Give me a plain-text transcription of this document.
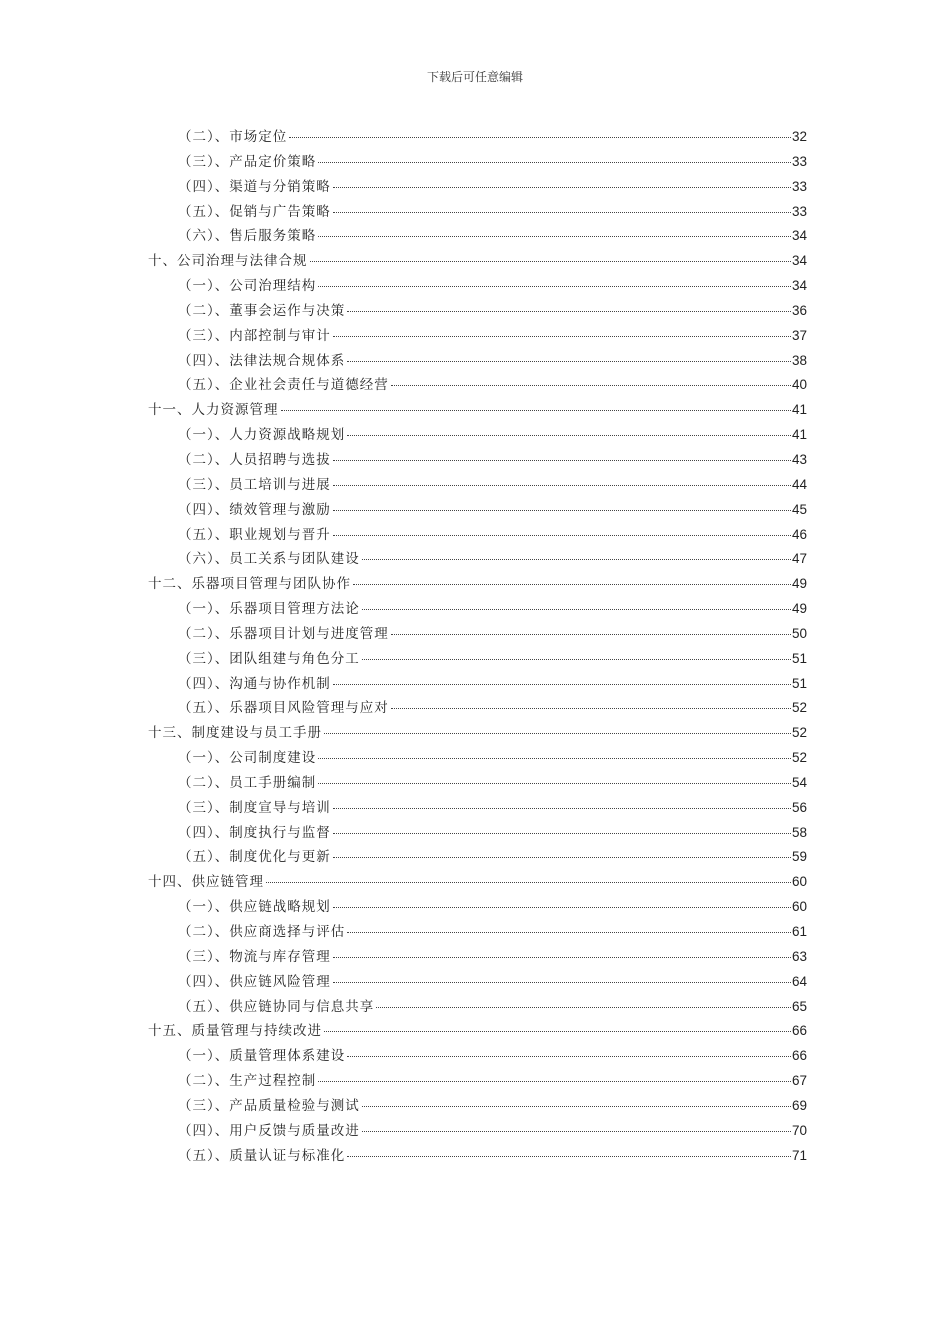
下载后可任意编辑
（二）、市场定位	32
（三）、产品定价策略	33
（四）、渠道与分销策略	33
（五）、促销与广告策略	33
（六）、售后服务策略	34
十、公司治理与法律合规	34
（一）、公司治理结构	34
（二）、董事会运作与决策	36
（三）、内部控制与审计	37
（四）、法律法规合规体系	38
（五）、企业社会责任与道德经营	40
十一、人力资源管理	41
（一）、人力资源战略规划	41
（二）、人员招聘与选拔	43
（三）、员工培训与进展	44
（四）、绩效管理与激励	45
（五）、职业规划与晋升	46
（六）、员工关系与团队建设	47
十二、乐器项目管理与团队协作	49
（一）、乐器项目管理方法论	49
（二）、乐器项目计划与进度管理	50
（三）、团队组建与角色分工	51
（四）、沟通与协作机制	51
（五）、乐器项目风险管理与应对	52
十三、制度建设与员工手册	52
（一）、公司制度建设	52
（二）、员工手册编制	54
（三）、制度宣导与培训	56
（四）、制度执行与监督	58
（五）、制度优化与更新	59
十四、供应链管理	60
（一）、供应链战略规划	60
（二）、供应商选择与评估	61
（三）、物流与库存管理	63
（四）、供应链风险管理	64
（五）、供应链协同与信息共享	65
十五、质量管理与持续改进	66
（一）、质量管理体系建设	66
（二）、生产过程控制	67
（三）、产品质量检验与测试	69
（四）、用户反馈与质量改进	70
（五）、质量认证与标准化	71
